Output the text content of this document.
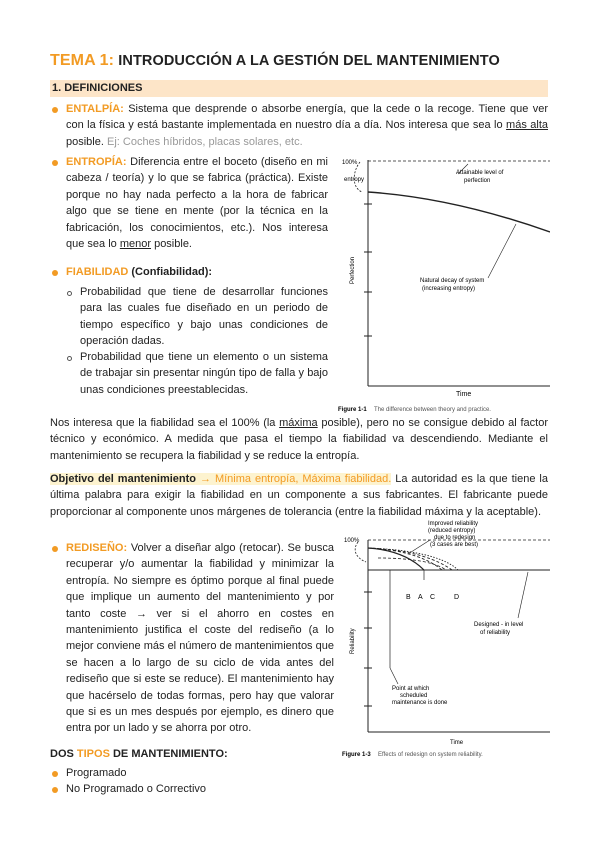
TEMA 1: INTRODUCCIÓN A LA GESTIÓN DEL MANTENIMIENTO
1. DEFINICIONES
ENTALPÍA: Sistema que desprende o absorbe energía, que la cede o la recoge. Tiene que ver con la física y está bastante implementada en nuestro día a día. Nos interesa que sea lo más alta posible. Ej: Coches híbridos, placas solares, etc.
ENTROPÍA: Diferencia entre el boceto (diseño en mi cabeza / teoría) y lo que se fabrica (práctica). Existe porque no hay nada perfecto a la hora de fabricar algo que se tiene en mente (por la técnica en la fabricación, los conocimientos, etc.). Nos interesa que sea lo menor posible.
FIABILIDAD (Confiabilidad):
Probabilidad que tiene de desarrollar funciones para las cuales fue diseñado en un periodo de tiempo específico y bajo unas condiciones de operación dadas.
Probabilidad que tiene un elemento o un sistema de trabajar sin presentar ningún tipo de falla y bajo unas condiciones preestablecidas.
100%
entropy
Attainable level of
perfection
Natural decay of system
(increasing entropy)
Perfection
Time
Figure 1-1 The difference between theory and practice.
Nos interesa que la fiabilidad sea el 100% (la máxima posible), pero no se consigue debido al factor técnico y económico. A medida que pasa el tiempo la fiabilidad va descendiendo. Mediante el mantenimiento se recupera la fiabilidad y se reduce la entropía.
Objetivo del mantenimiento → Mínima entropía, Máxima fiabilidad. La autoridad es la que tiene la última palabra para exigir la fiabilidad en un componente a sus fabricantes. El fabricante puede proporcionar al componente unos márgenes de tolerancia (entre la fiabilidad máxima y la aceptable).
REDISEÑO: Volver a diseñar algo (retocar). Se busca recuperar y/o aumentar la fiabilidad y minimizar la entropía. No siempre es óptimo porque al final puede que implique un aumento del mantenimiento y por tanto coste → ver si el ahorro en costes en mantenimiento justifica el coste del rediseño (a lo mejor conviene más el número de mantenimientos que se hacen a lo largo de su ciclo de vida antes del rediseño que si este se reduce). El mantenimiento hay que hacérselo de todas formas, pero hay que valorar que si es un mes después por ejemplo, es dinero que entra por un lado y se ahorra por otro.
100%
B A C	D
Improved reliability
(reduced entropy)
due to redesign
(3 cases are best)
Designed - in level
of reliability
Point at which
scheduled
maintenance is done
Reliability
Time
Figure 1-3 Effects of redesign on system reliability.
DOS TIPOS DE MANTENIMIENTO:
Programado
No Programado o Correctivo
